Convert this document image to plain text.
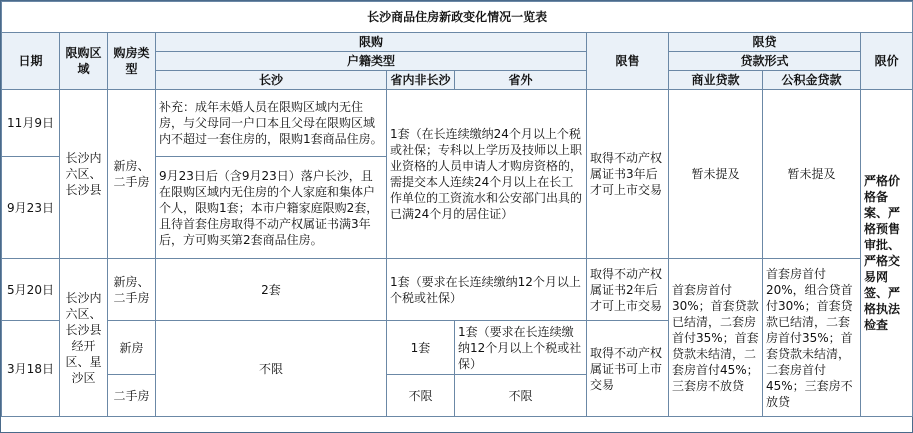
长沙商品住房新政变化情况一览表									
日期	限购区域	购房类型	限购			限售	限贷		限价
			户籍类型				贷款形式		
			长沙	省内非长沙	省外		商业贷款	公积金贷款	
11月9日	长沙内六区、长沙县	新房、二手房	补充：成年未婚人员在限购区域内无住房，与父母同一户口本且父母在限购区域内不超过一套住房的，限购1套商品住房。	1套（在长连续缴纳24个月以上个税或社保；专科以上学历及技师以上职业资格的人员申请人才购房资格的，需提交本人连续24个月以上在长工作单位的工资流水和公安部门出具的已满24个月的居住证）		取得不动产权属证书3年后才可上市交易	暂未提及	暂未提及	严格价格备案、严格预售审批、严格交易网签、严格执法检查
9月23日			9月23日后（含9月23日）落户长沙，且在限购区域内无住房的个人家庭和集体户个人，限购1套；本市户籍家庭限购2套，且待首套住房取得不动产权属证书满3年后，方可购买第2套商品住房。						
5月20日	长沙内六区、长沙县经开区、星沙区	新房、二手房	2套	1套（要求在长连续缴纳12个月以上个税或社保）		取得不动产权属证书2年后才可上市交易	首套房首付30%；首套贷款已结清，二套房首付35%；首套贷款未结清，二套房首付45%；三套房不放贷	首套房首付20%，组合贷首付30%；首套贷款已结清，二套房首付35%；首套贷款未结清，二套房首付45%；三套房不放贷	
3月18日		新房	不限	1套	1套（要求在长连续缴纳12个月以上个税或社保）	取得不动产权属证书可上市交易			
		二手房		不限	不限				
